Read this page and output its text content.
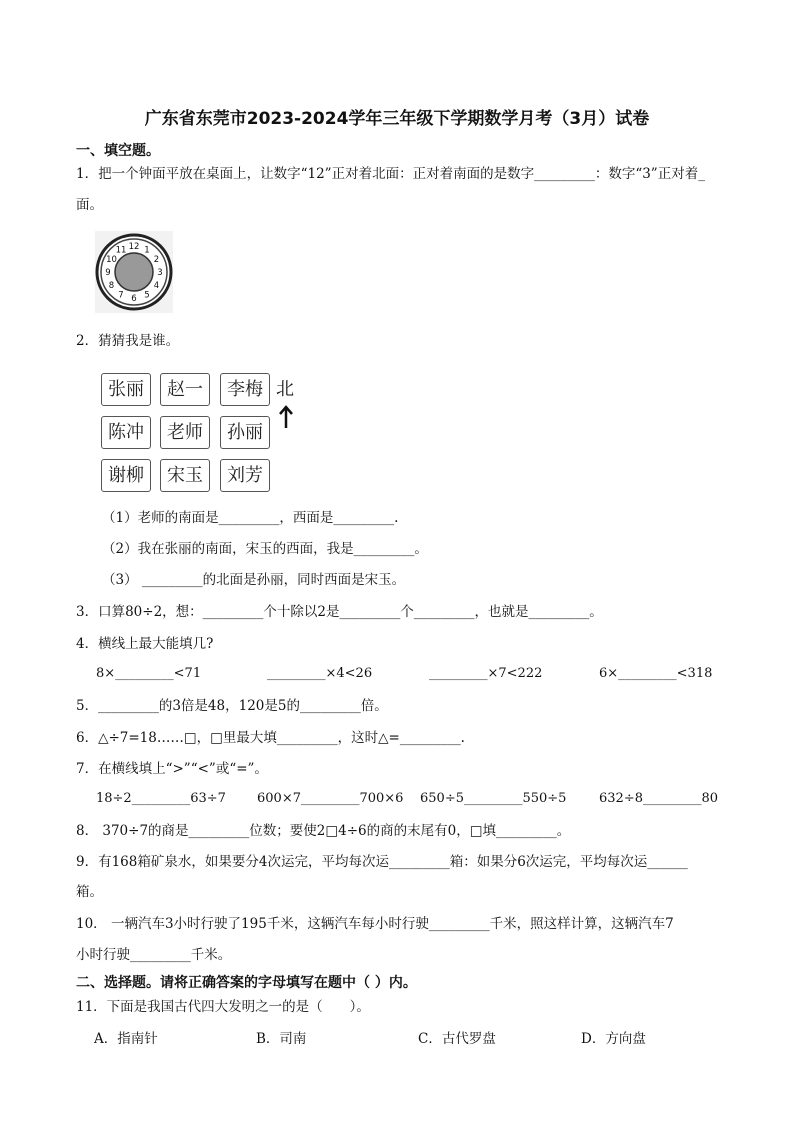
广东省东莞市2023-2024学年三年级下学期数学月考（3月）试卷
一、填空题。
1．把一个钟面平放在桌面上，让数字“12”正对着北面：正对着南面的是数字_________：数字“3”正对着_
面。
12 1
2
3
4
5
6
7
8
9
10
11
2．猜猜我是谁。
张丽	赵一	李梅
陈冲	老师	孙丽
谢柳	宋玉	刘芳
北
（1）老师的南面是_________，西面是_________.
（2）我在张丽的南面，宋玉的西面，我是_________。
（3） _________的北面是孙丽，同时西面是宋玉。
3．口算80÷2，想：_________个十除以2是_________个_________，也就是_________。
4．横线上最大能填几?
8×_________<71	_________×4<26	_________×7<222	6×_________<318
5．_________的3倍是48，120是5的_________倍。
6．△÷7=18……□，□里最大填_________，这时△=_________.
7．在横线填上“>”“<”或“=”。
18÷2_________63÷7 600×7_________700×6 650÷5_________550÷5	632÷8_________80
8． 370÷7的商是_________位数；要使2□4÷6的商的末尾有0，□填_________。
9．有168箱矿泉水，如果要分4次运完，平均每次运_________箱：如果分6次运完，平均每次运______
箱。
10． 一辆汽车3小时行驶了195千米，这辆汽车每小时行驶_________千米，照这样计算，这辆汽车7
小时行驶_________千米。
二、选择题。请将正确答案的字母填写在题中（ ）内。
11．下面是我国古代四大发明之一的是（　　）。
A．指南针	B．司南	C．古代罗盘	D．方向盘
